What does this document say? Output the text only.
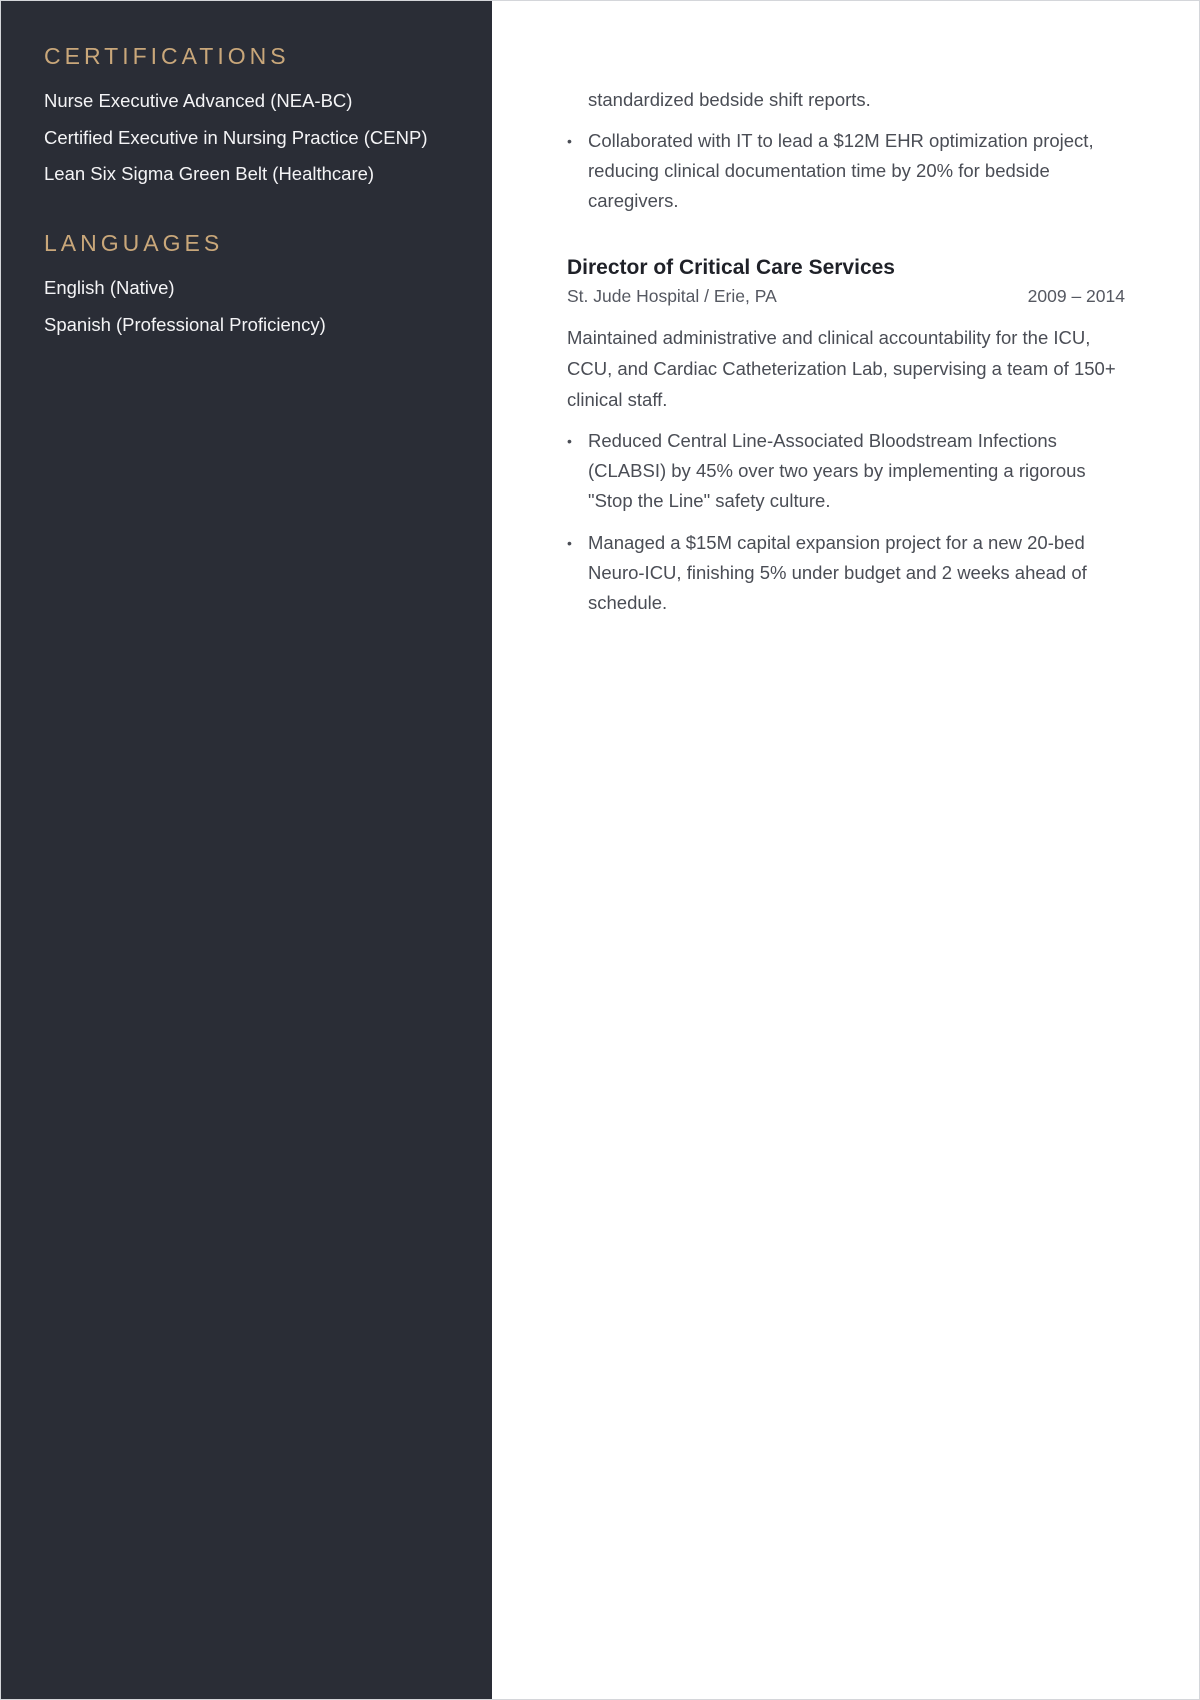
CERTIFICATIONS
Nurse Executive Advanced (NEA-BC)
Certified Executive in Nursing Practice (CENP)
Lean Six Sigma Green Belt (Healthcare)
LANGUAGES
English (Native)
Spanish (Professional Proficiency)

standardized bedside shift reports.

• Collaborated with IT to lead a $12M EHR optimization project, reducing clinical documentation time by 20% for bedside caregivers.
Director of Critical Care Services
St. Jude Hospital / Erie, PA	2009 – 2014

Maintained administrative and clinical accountability for the ICU, CCU, and Cardiac Catheterization Lab, supervising a team of 150+ clinical staff.

• Reduced Central Line-Associated Bloodstream Infections (CLABSI) by 45% over two years by implementing a rigorous "Stop the Line" safety culture.
• Managed a $15M capital expansion project for a new 20-bed Neuro-ICU, finishing 5% under budget and 2 weeks ahead of schedule.
